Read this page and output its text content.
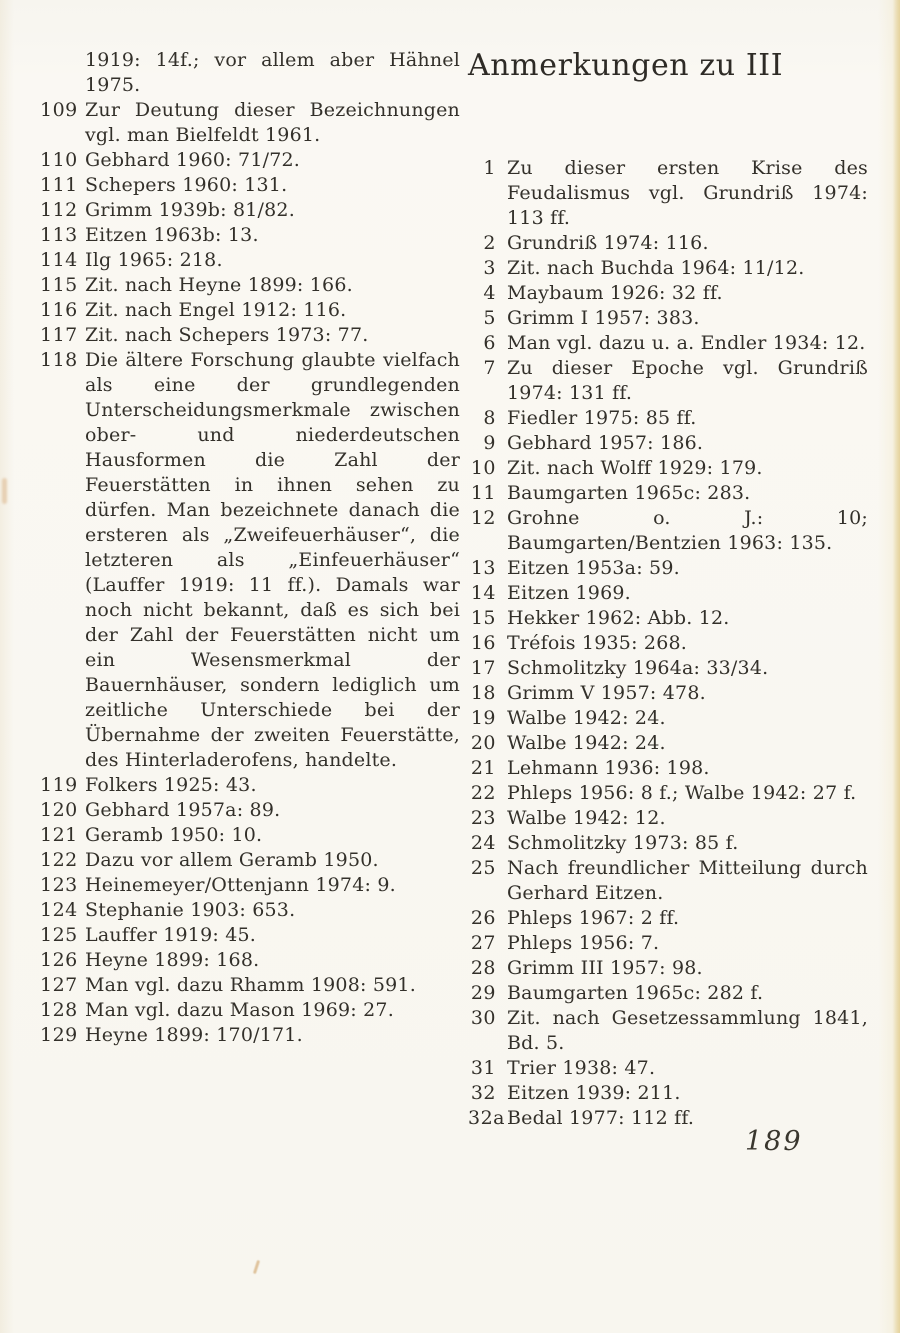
1919: 14f.; vor allem aber Hähnel
1975.
109 Zur Deutung dieser Bezeichnungen vgl. man Bielfeldt 1961.
110 Gebhard 1960: 71/72.
111 Schepers 1960: 131.
112 Grimm 1939b: 81/82.
113 Eitzen 1963b: 13.
114 Ilg 1965: 218.
115 Zit. nach Heyne 1899: 166.
116 Zit. nach Engel 1912: 116.
117 Zit. nach Schepers 1973: 77.
118 Die ältere Forschung glaubte vielfach als eine der grundlegenden Unterscheidungsmerkmale zwischen ober- und niederdeutschen Hausformen die Zahl der Feuerstätten in ihnen sehen zu dürfen. Man bezeichnete danach die ersteren als „Zweifeuerhäuser“, die letzteren als „Einfeuerhäuser“ (Lauffer 1919: 11 ff.). Damals war noch nicht bekannt, daß es sich bei der Zahl der Feuerstätten nicht um ein Wesensmerkmal der Bauernhäuser, sondern lediglich um zeitliche Unterschiede bei der Übernahme der zweiten Feuerstätte, des Hinterladerofens, handelte.
119 Folkers 1925: 43.
120 Gebhard 1957a: 89.
121 Geramb 1950: 10.
122 Dazu vor allem Geramb 1950.
123 Heinemeyer/Ottenjann 1974: 9.
124 Stephanie 1903: 653.
125 Lauffer 1919: 45.
126 Heyne 1899: 168.
127 Man vgl. dazu Rhamm 1908: 591.
128 Man vgl. dazu Mason 1969: 27.
129 Heyne 1899: 170/171.
Anmerkungen zu III
1 Zu dieser ersten Krise des Feudalismus vgl. Grundriß 1974: 113 ff.
2 Grundriß 1974: 116.
3 Zit. nach Buchda 1964: 11/12.
4 Maybaum 1926: 32 ff.
5 Grimm I 1957: 383.
6 Man vgl. dazu u. a. Endler 1934: 12.
7 Zu dieser Epoche vgl. Grundriß 1974: 131 ff.
8 Fiedler 1975: 85 ff.
9 Gebhard 1957: 186.
10 Zit. nach Wolff 1929: 179.
11 Baumgarten 1965c: 283.
12 Grohne o. J.: 10; Baumgarten/Bentzien 1963: 135.
13 Eitzen 1953a: 59.
14 Eitzen 1969.
15 Hekker 1962: Abb. 12.
16 Tréfois 1935: 268.
17 Schmolitzky 1964a: 33/34.
18 Grimm V 1957: 478.
19 Walbe 1942: 24.
20 Walbe 1942: 24.
21 Lehmann 1936: 198.
22 Phleps 1956: 8 f.; Walbe 1942: 27 f.
23 Walbe 1942: 12.
24 Schmolitzky 1973: 85 f.
25 Nach freundlicher Mitteilung durch Gerhard Eitzen.
26 Phleps 1967: 2 ff.
27 Phleps 1956: 7.
28 Grimm III 1957: 98.
29 Baumgarten 1965c: 282 f.
30 Zit. nach Gesetzessammlung 1841, Bd. 5.
31 Trier 1938: 47.
32 Eitzen 1939: 211.
32a Bedal 1977: 112 ff.
189
